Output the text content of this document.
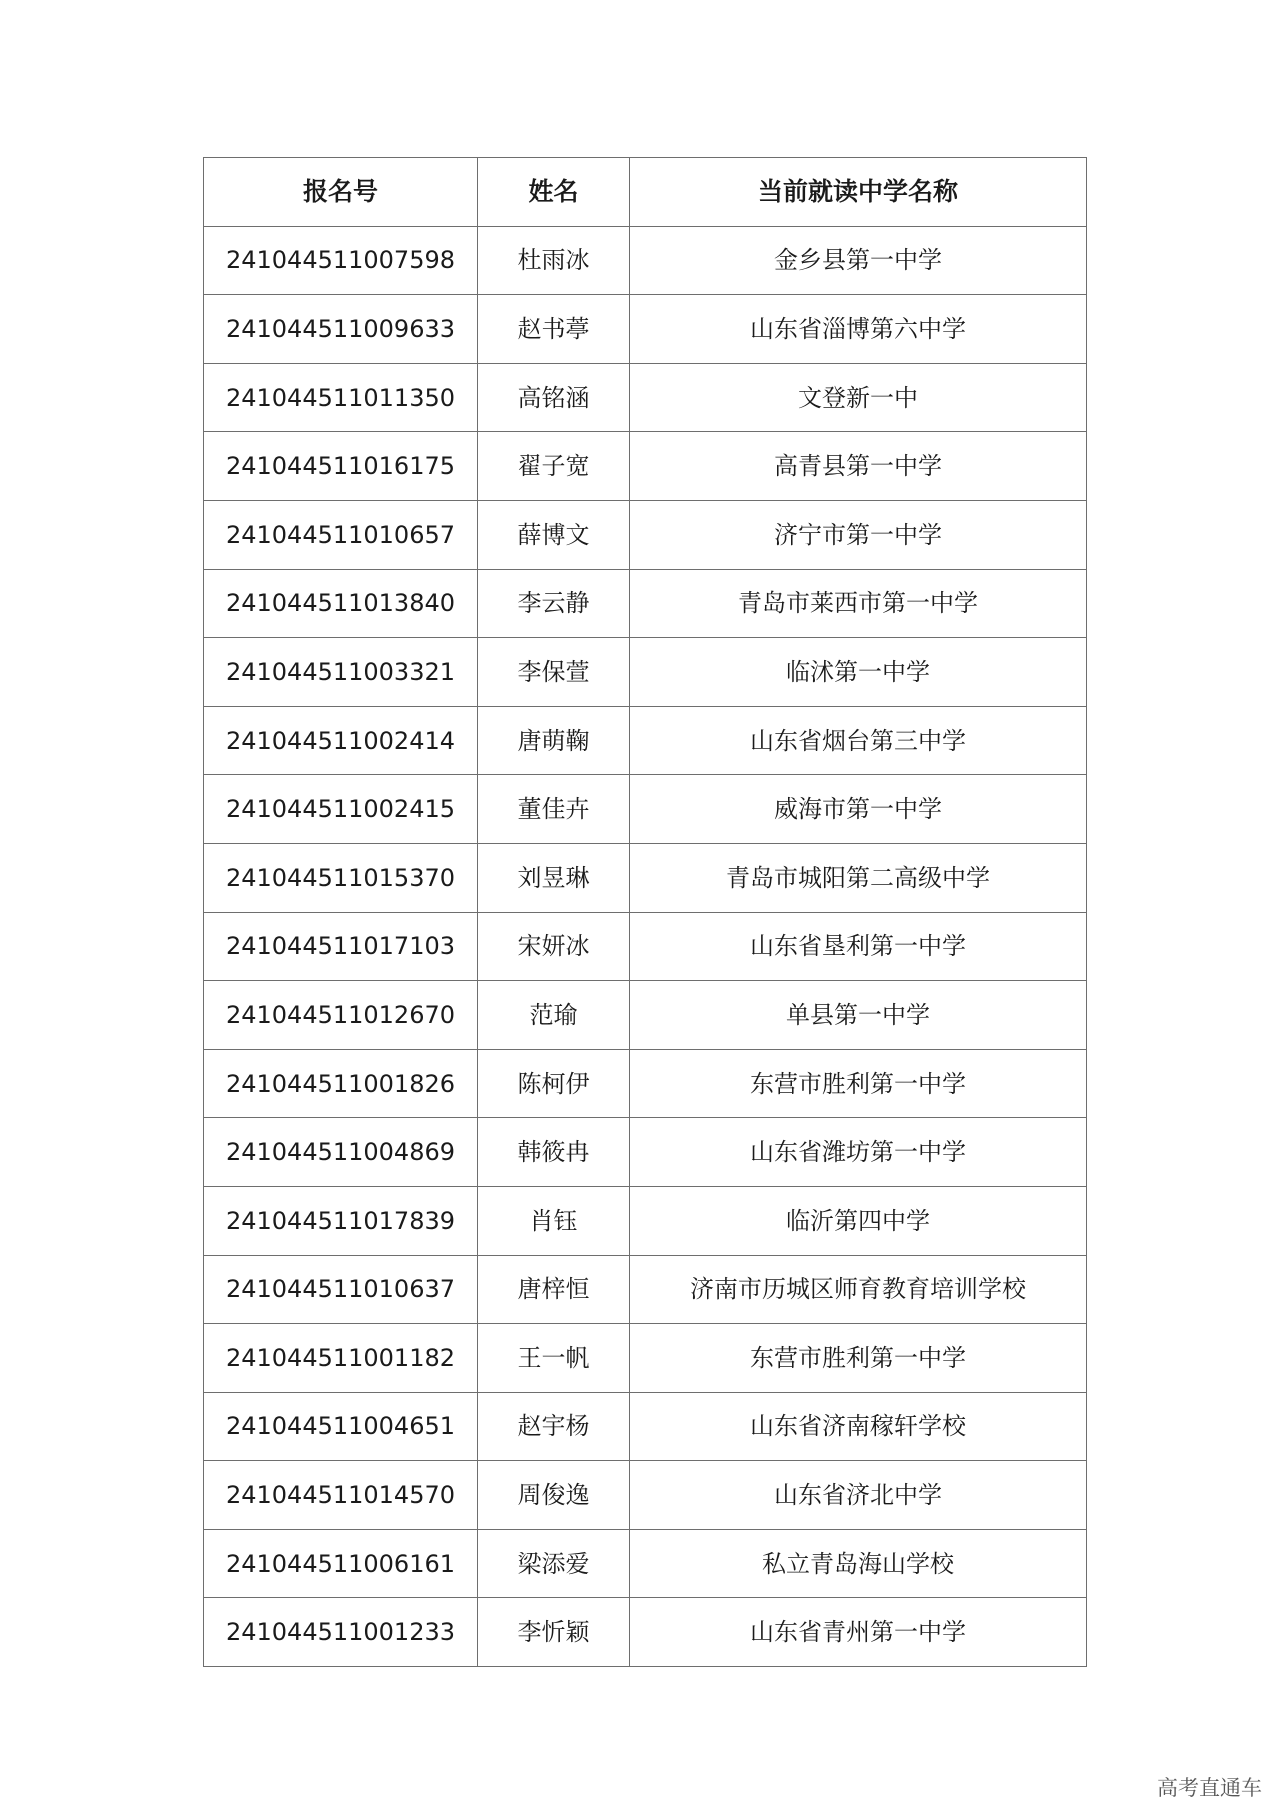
报名号	姓名	当前就读中学名称
241044511007598	杜雨冰	金乡县第一中学
241044511009633	赵书葶	山东省淄博第六中学
241044511011350	高铭涵	文登新一中
241044511016175	翟子宽	高青县第一中学
241044511010657	薛博文	济宁市第一中学
241044511013840	李云静	青岛市莱西市第一中学
241044511003321	李保萱	临沭第一中学
241044511002414	唐萌鞠	山东省烟台第三中学
241044511002415	董佳卉	威海市第一中学
241044511015370	刘昱琳	青岛市城阳第二高级中学
241044511017103	宋妍冰	山东省垦利第一中学
241044511012670	范瑜	单县第一中学
241044511001826	陈柯伊	东营市胜利第一中学
241044511004869	韩筱冉	山东省潍坊第一中学
241044511017839	肖钰	临沂第四中学
241044511010637	唐梓恒	济南市历城区师育教育培训学校
241044511001182	王一帆	东营市胜利第一中学
241044511004651	赵宇杨	山东省济南稼轩学校
241044511014570	周俊逸	山东省济北中学
241044511006161	梁添爱	私立青岛海山学校
241044511001233	李忻颖	山东省青州第一中学
高考直通车
